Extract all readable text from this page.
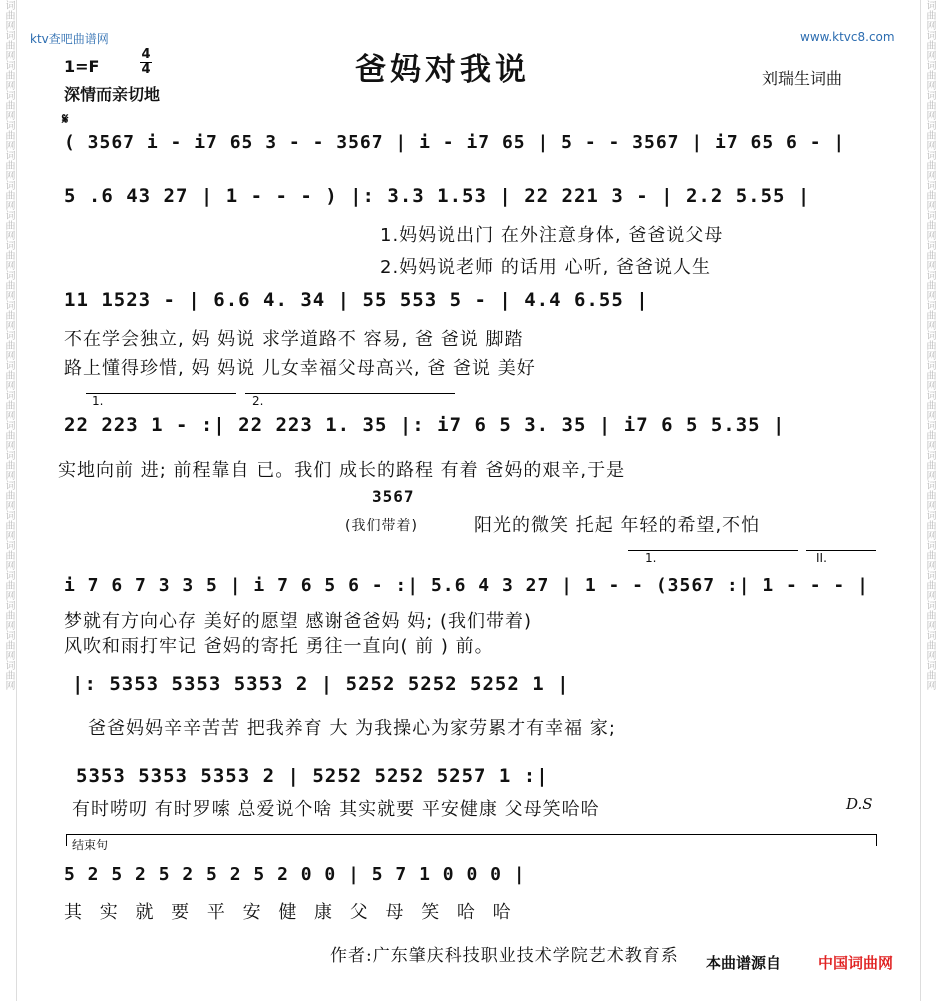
词曲网词曲网词曲网词曲网词曲网词曲网词曲网词曲网词曲网词曲网词曲网词曲网词曲网词曲网词曲网词曲网词曲网词曲网词曲网词曲网词曲网词曲网词曲网	词曲网词曲网词曲网词曲网词曲网词曲网词曲网词曲网词曲网词曲网词曲网词曲网词曲网词曲网词曲网词曲网词曲网词曲网词曲网词曲网词曲网词曲网词曲网
ktv查吧曲谱网	www.ktvc8.com
爸妈对我说	刘瑞生词曲
1=F
4
4
深情而亲切地
𝄋
( 3567 i - i7 65 3 - - 3567 | i - i7 65 | 5 - - 3567 | i7 65 6 - |
5 .6 43 27 | 1 - - - ) |: 3.3 1.53 | 22 221 3 - | 2.2 5.55 |
1.妈妈说出门 在外注意身体, 爸爸说父母
2.妈妈说老师 的话用 心听, 爸爸说人生
11 1523 - | 6.6 4. 34 | 55 553 5 - | 4.4 6.55 |
不在学会独立, 妈 妈说 求学道路不 容易, 爸 爸说 脚踏
路上懂得珍惜, 妈 妈说 儿女幸福父母高兴, 爸 爸说 美好
1.	2.
22 223 1 - :| 22 223 1. 35 |: i7 6 5 3. 35 | i7 6 5 5.35 |
实地向前 进; 前程靠自 已。我们 成长的路程 有着 爸妈的艰辛,于是
3567
(我们带着)	阳光的微笑 托起 年轻的希望,不怕
1.	II.
i 7 6 7 3 3 5 | i 7 6 5 6 - :| 5.6 4 3 27 | 1 - - (3567 :| 1 - - - |
梦就有方向心存 美好的愿望 感谢爸爸妈 妈; (我们带着)
风吹和雨打牢记 爸妈的寄托 勇往一直向( 前 ) 前。
|: 5353 5353 5353 2 | 5252 5252 5252 1 |
爸爸妈妈辛辛苦苦 把我养育 大 为我操心为家劳累才有幸福 家;
5353 5353 5353 2 | 5252 5252 5257 1 :|
有时唠叨 有时罗嗦 总爱说个啥 其实就要 平安健康 父母笑哈哈	D.S
结束句
5 2 5 2 5 2 5 2 5 2 0 0 | 5 7 1 0 0 0 |
其 实 就 要 平 安 健 康 父 母 笑 哈 哈
作者:广东肇庆科技职业技术学院艺术教育系 本曲谱源自 中国词曲网
